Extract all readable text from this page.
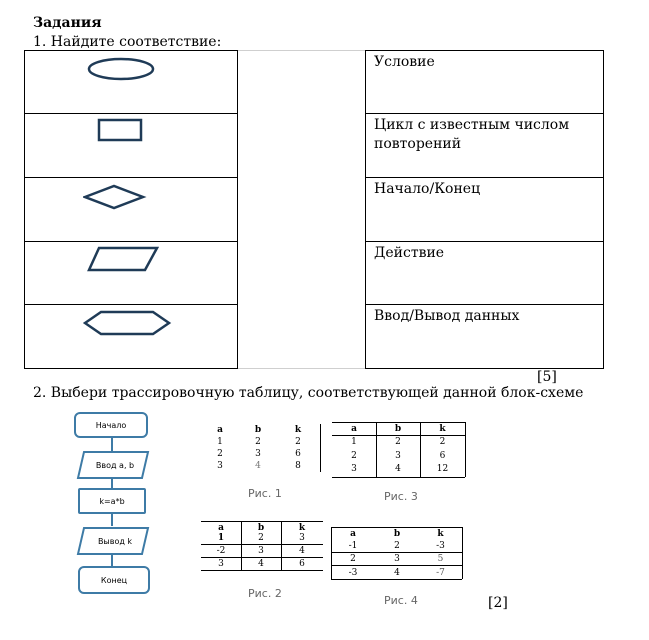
Задания
1. Найдите соответствие:
Условие
Цикл с известным числом повторений
Начало/Конец
Действие
Ввод/Вывод данных
[5]
2. Выбери трассировочную таблицу, соответствующей данной блок-схеме
Начало
Ввод a, b
k=a*b
Вывод k
Конец
a	b	k
1	2	2
2	3	6
3	4	8
Рис. 1
a	b	k
1	2	2
2	3	6
3	4	12
Рис. 3
a	b	k
1	2	3
-2	3	4
3	4	6
Рис. 2
a	b	k
-1	2	-3
2	3	5
-3	4	-7
Рис. 4	[2]
